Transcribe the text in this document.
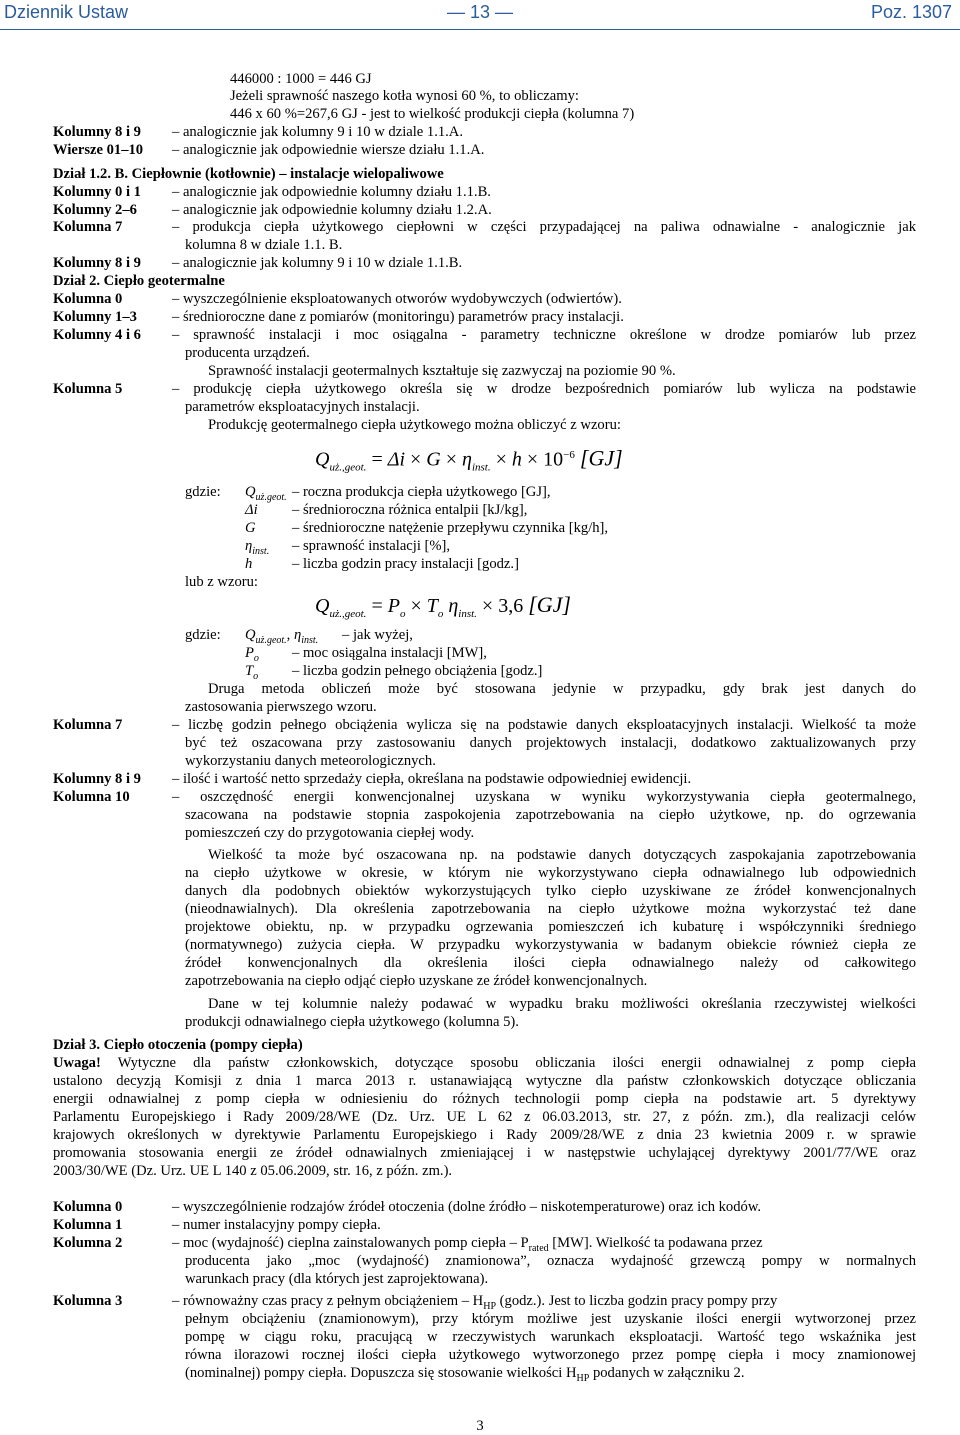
Dziennik Ustaw	— 13 —	Poz. 1307
446000 : 1000 = 446 GJ
Jeżeli sprawność naszego kotła wynosi 60 %, to obliczamy:
446 x 60 %=267,6 GJ - jest to wielkość produkcji ciepła (kolumna 7)
Kolumny 8 i 9 – analogicznie jak kolumny 9 i 10 w dziale 1.1.A.
Wiersze 01–10 – analogicznie jak odpowiednie wiersze działu 1.1.A.
Dział 1.2. B. Ciepłownie (kotłownie) – instalacje wielopaliwowe
Kolumny 0 i 1 – analogicznie jak odpowiednie kolumny działu 1.1.B.
Kolumny 2–6 – analogicznie jak odpowiednie kolumny działu 1.2.A.
Kolumna 7	– produkcja ciepła użytkowego ciepłowni w części przypadającej na paliwa odnawialne - analogicznie jak
kolumna 8 w dziale 1.1. B.
Kolumny 8 i 9 – analogicznie jak kolumny 9 i 10 w dziale 1.1.B.
Dział 2. Ciepło geotermalne
Kolumna 0	– wyszczególnienie eksploatowanych otworów wydobywczych (odwiertów).
Kolumny 1–3 – średnioroczne dane z pomiarów (monitoringu) parametrów pracy instalacji.
Kolumny 4 i 6 – sprawność instalacji i moc osiągalna - parametry techniczne określone w drodze pomiarów lub przez
producenta urządzeń.
Sprawność instalacji geotermalnych kształtuje się zazwyczaj na poziomie 90 %.
Kolumna 5	– produkcję ciepła użytkowego określa się w drodze bezpośrednich pomiarów lub wylicza na podstawie
parametrów eksploatacyjnych instalacji.
Produkcję geotermalnego ciepła użytkowego można obliczyć z wzoru:
$Q_{uż.,geot.} = \Delta i \times G \times \eta_{inst.} \times h \times 10^{-6}$ [GJ]
gdzie: $Q_{uż.geot.}$ – roczna produkcja ciepła użytkowego [GJ],
Δi – średnioroczna różnica entalpii [kJ/kg],
G – średnioroczne natężenie przepływu czynnika [kg/h],
$\eta_{inst.}$ – sprawność instalacji [%],
h	– liczba godzin pracy instalacji [godz.]
lub z wzoru:
$Q_{uż.,geot.} = P_o \times T_o$ $\eta_{inst.} \times 3,6$ [GJ]
gdzie: $Q_{uż.geot.}$, $\eta_{inst.}$ – jak wyżej,
$P_o$ – moc osiągalna instalacji [MW],
$T_o$ – liczba godzin pełnego obciążenia [godz.]
Druga metoda obliczeń może być stosowana jedynie w przypadku, gdy brak jest danych do
zastosowania pierwszego wzoru.
Kolumna 7	– liczbę godzin pełnego obciążenia wylicza się na podstawie danych eksploatacyjnych instalacji. Wielkość ta może
być też oszacowana przy zastosowaniu danych projektowych instalacji, dodatkowo zaktualizowanych przy
wykorzystaniu danych meteorologicznych.
Kolumny 8 i 9 – ilość i wartość netto sprzedaży ciepła, określana na podstawie odpowiedniej ewidencji.
Kolumna 10	– oszczędność energii konwencjonalnej uzyskana w wyniku wykorzystywania ciepła geotermalnego,
szacowana na podstawie stopnia zaspokojenia zapotrzebowania na ciepło użytkowe, np. do ogrzewania
pomieszczeń czy do przygotowania ciepłej wody.
Wielkość ta może być oszacowana np. na podstawie danych dotyczących zaspokajania zapotrzebowania
na ciepło użytkowe w okresie, w którym nie wykorzystywano ciepła odnawialnego lub odpowiednich
danych dla podobnych obiektów wykorzystujących tylko ciepło uzyskiwane ze źródeł konwencjonalnych
(nieodnawialnych). Dla określenia zapotrzebowania na ciepło użytkowe można wykorzystać też dane
projektowe obiektu, np. w przypadku ogrzewania pomieszczeń ich kubaturę i współczynniki średniego
(normatywnego) zużycia ciepła. W przypadku wykorzystywania w badanym obiekcie również ciepła ze
źródeł konwencjonalnych dla określenia ilości ciepła odnawialnego należy od całkowitego
zapotrzebowania na ciepło odjąć ciepło uzyskane ze źródeł konwencjonalnych.
Dane w tej kolumnie należy podawać w wypadku braku możliwości określania rzeczywistej wielkości
produkcji odnawialnego ciepła użytkowego (kolumna 5).
Dział 3. Ciepło otoczenia (pompy ciepła)
Uwaga! Wytyczne dla państw członkowskich, dotyczące sposobu obliczania ilości energii odnawialnej z pomp ciepła
ustalono decyzją Komisji z dnia 1 marca 2013 r. ustanawiającą wytyczne dla państw członkowskich dotyczące obliczania
energii odnawialnej z pomp ciepła w odniesieniu do różnych technologii pomp ciepła na podstawie art. 5 dyrektywy
Parlamentu Europejskiego i Rady 2009/28/WE (Dz. Urz. UE L 62 z 06.03.2013, str. 27, z późn. zm.), dla realizacji celów
krajowych określonych w dyrektywie Parlamentu Europejskiego i Rady 2009/28/WE z dnia 23 kwietnia 2009 r. w sprawie
promowania stosowania energii ze źródeł odnawialnych zmieniającej i w następstwie uchylającej dyrektywy 2001/77/WE oraz
2003/30/WE (Dz. Urz. UE L 140 z 05.06.2009, str. 16, z późn. zm.).
Kolumna 0	– wyszczególnienie rodzajów źródeł otoczenia (dolne źródło – niskotemperaturowe) oraz ich kodów.
Kolumna 1	– numer instalacyjny pompy ciepła.
Kolumna 2	– moc (wydajność) cieplna zainstalowanych pomp ciepła – $P_{rated}$ [MW]. Wielkość ta podawana przez
producenta jako „moc (wydajność) znamionowa”, oznacza wydajność grzewczą pompy w normalnych
warunkach pracy (dla których jest zaprojektowana).
Kolumna 3	– równoważny czas pracy z pełnym obciążeniem – $H_{HP}$ (godz.). Jest to liczba godzin pracy pompy przy
pełnym obciążeniu (znamionowym), przy którym możliwe jest uzyskanie ilości energii wytworzonej przez
pompę w ciągu roku, pracującą w rzeczywistych warunkach eksploatacji. Wartość tego wskaźnika jest
równa ilorazowi rocznej ilości ciepła użytkowego wytworzonego przez pompę ciepła i mocy znamionowej
(nominalnej) pompy ciepła. Dopuszcza się stosowanie wielkości $H_{HP}$ podanych w załączniku 2.
3
